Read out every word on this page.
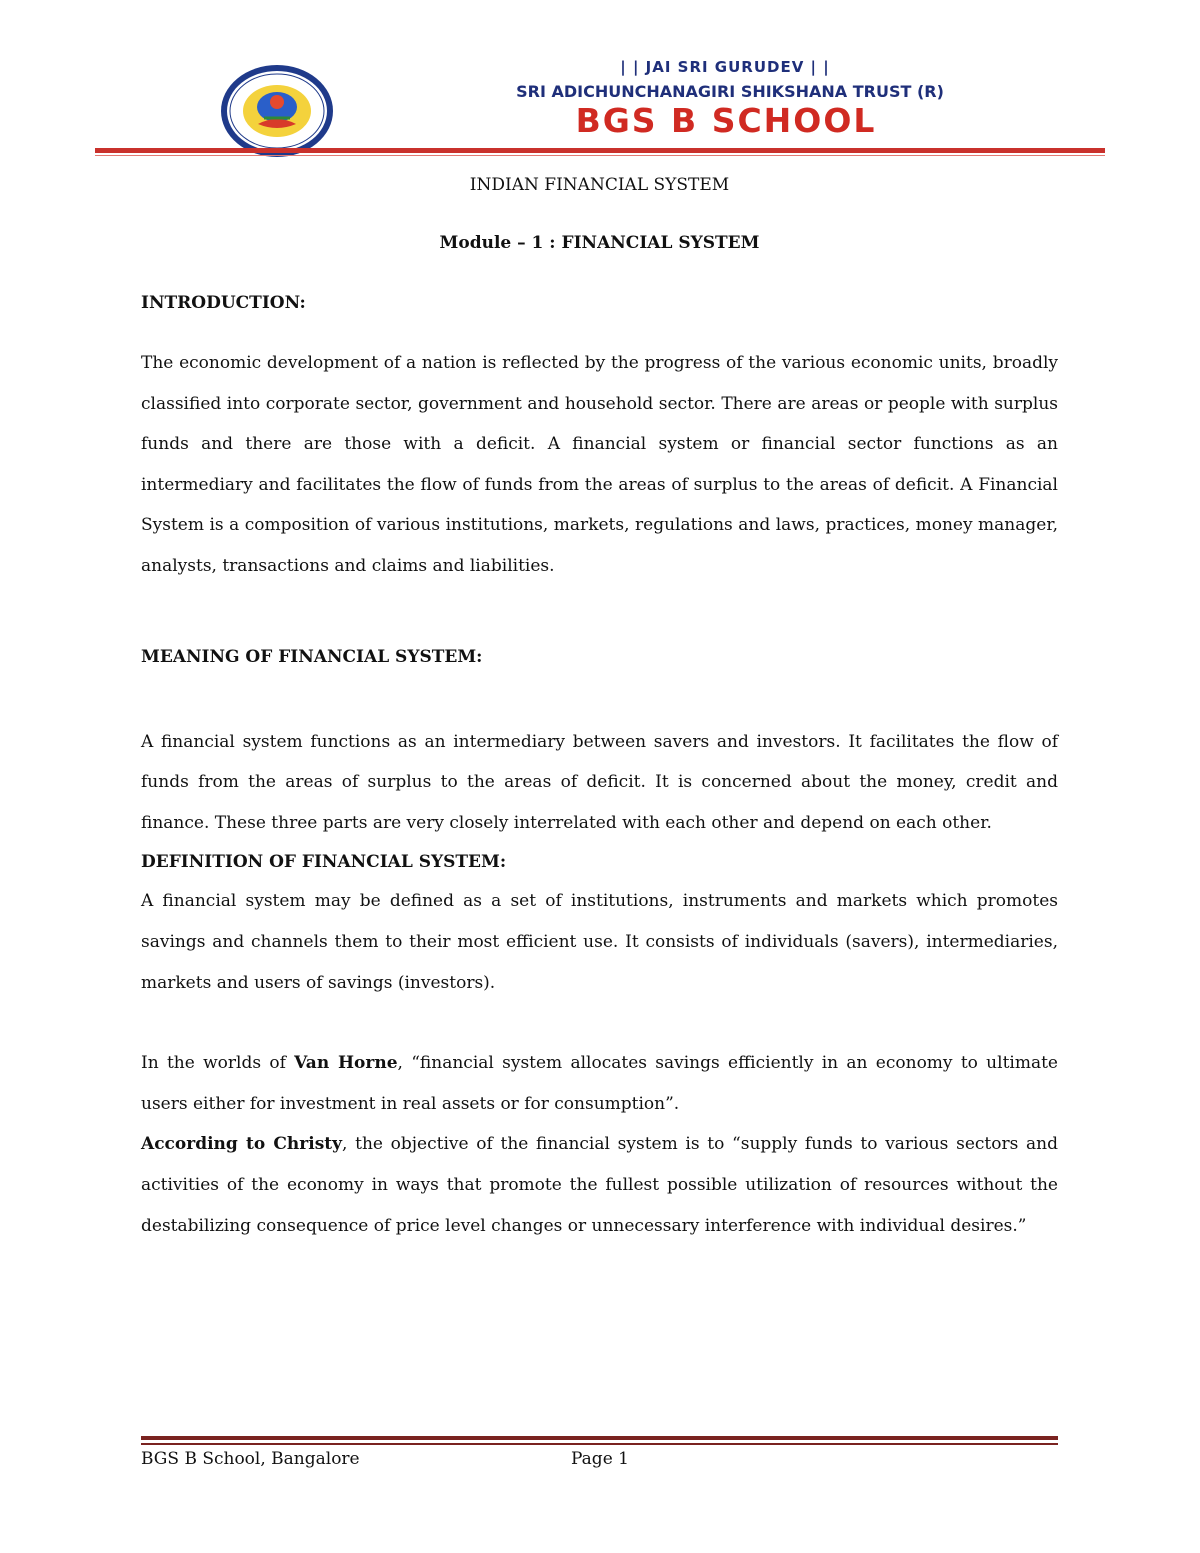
| | JAI SRI GURUDEV | |
SRI ADICHUNCHANAGIRI SHIKSHANA TRUST (R)
BGS B SCHOOL
INDIAN FINANCIAL SYSTEM
Module – 1 : FINANCIAL SYSTEM
INTRODUCTION:
The economic development of a nation is reflected by the progress of the various economic units, broadly classified into corporate sector, government and household sector. There are areas or people with surplus funds and there are those with a deficit. A financial system or financial sector functions as an intermediary and facilitates the flow of funds from the areas of surplus to the areas of deficit. A Financial System is a composition of various institutions, markets, regulations and laws, practices, money manager, analysts, transactions and claims and liabilities.
MEANING OF FINANCIAL SYSTEM:
A financial system functions as an intermediary between savers and investors. It facilitates the flow of funds from the areas of surplus to the areas of deficit. It is concerned about the money, credit and finance. These three parts are very closely interrelated with each other and depend on each other.
DEFINITION OF FINANCIAL SYSTEM:
A financial system may be defined as a set of institutions, instruments and markets which promotes savings and channels them to their most efficient use. It consists of individuals (savers), intermediaries, markets and users of savings (investors).
In the worlds of Van Horne, “financial system allocates savings efficiently in an economy to ultimate users either for investment in real assets or for consumption”.
According to Christy, the objective of the financial system is to “supply funds to various sectors and activities of the economy in ways that promote the fullest possible utilization of resources without the destabilizing consequence of price level changes or unnecessary interference with individual desires.”
BGS B School, Bangalore	Page 1
